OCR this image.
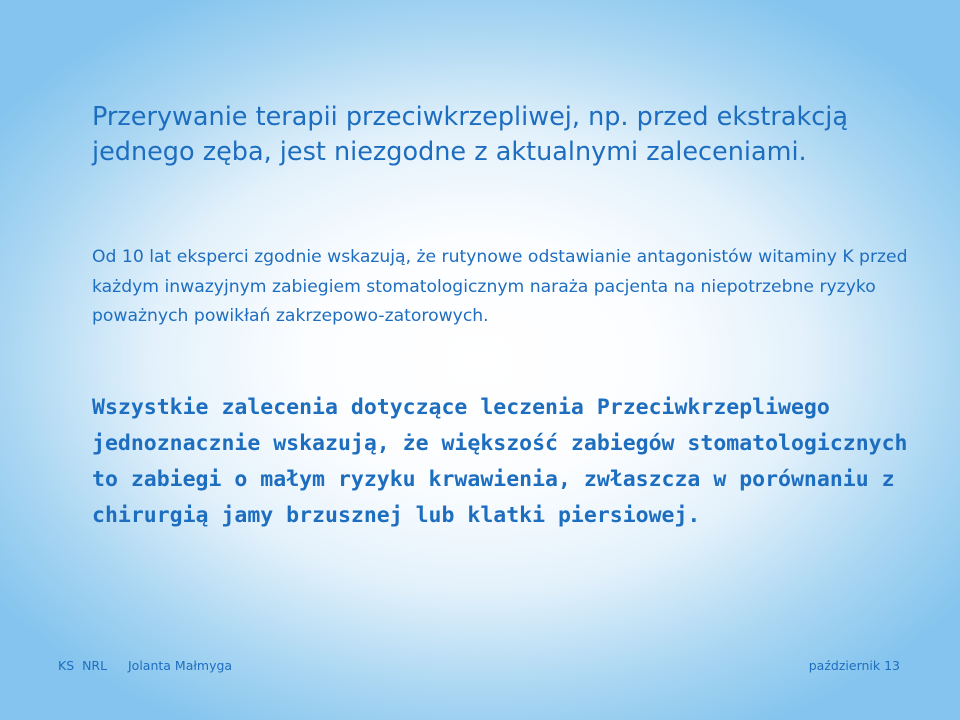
Przerywanie terapii przeciwkrzepliwej, np. przed ekstrakcją jednego zęba, jest niezgodne z aktualnymi zaleceniami.

Od 10 lat eksperci zgodnie wskazują, że rutynowe odstawianie antagonistów witaminy K przed każdym inwazyjnym zabiegiem stomatologicznym naraża pacjenta na niepotrzebne ryzyko poważnych powikłań zakrzepowo-zatorowych.

Wszystkie zalecenia dotyczące leczenia Przeciwkrzepliwego jednoznacznie wskazują, że większość zabiegów stomatologicznych to zabiegi o małym ryzyku krwawienia, zwłaszcza w porównaniu z chirurgią jamy brzusznej lub klatki piersiowej.

KS  NRL Jolanta Małmyga	październik 13
